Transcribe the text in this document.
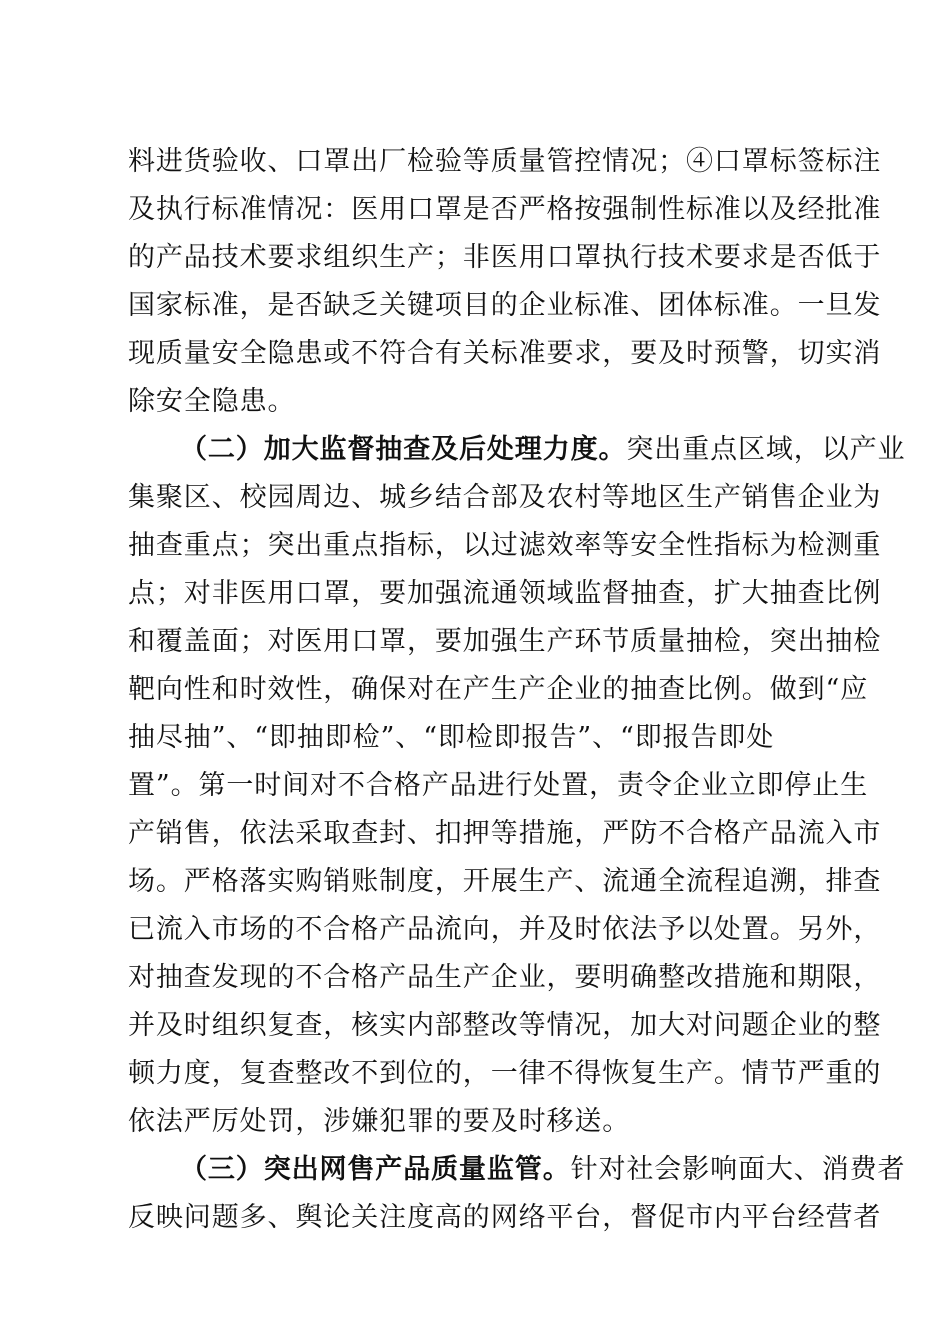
料进货验收、口罩出厂检验等质量管控情况；④口罩标签标注
及执行标准情况：医用口罩是否严格按强制性标准以及经批准
的产品技术要求组织生产；非医用口罩执行技术要求是否低于
国家标准，是否缺乏关键项目的企业标准、团体标准。一旦发
现质量安全隐患或不符合有关标准要求，要及时预警，切实消
除安全隐患。
（二）加大监督抽查及后处理力度。突出重点区域，以产业
集聚区、校园周边、城乡结合部及农村等地区生产销售企业为
抽查重点；突出重点指标，以过滤效率等安全性指标为检测重
点；对非医用口罩，要加强流通领域监督抽查，扩大抽查比例
和覆盖面；对医用口罩，要加强生产环节质量抽检，突出抽检
靶向性和时效性，确保对在产生产企业的抽查比例。做到“应
抽尽抽”、“即抽即检”、“即检即报告”、“即报告即处
置”。第一时间对不合格产品进行处置，责令企业立即停止生
产销售，依法采取查封、扣押等措施，严防不合格产品流入市
场。严格落实购销账制度，开展生产、流通全流程追溯，排查
已流入市场的不合格产品流向，并及时依法予以处置。另外，
对抽查发现的不合格产品生产企业，要明确整改措施和期限，
并及时组织复查，核实内部整改等情况，加大对问题企业的整
顿力度，复查整改不到位的，一律不得恢复生产。情节严重的
依法严厉处罚，涉嫌犯罪的要及时移送。
（三）突出网售产品质量监管。针对社会影响面大、消费者
反映问题多、舆论关注度高的网络平台，督促市内平台经营者
